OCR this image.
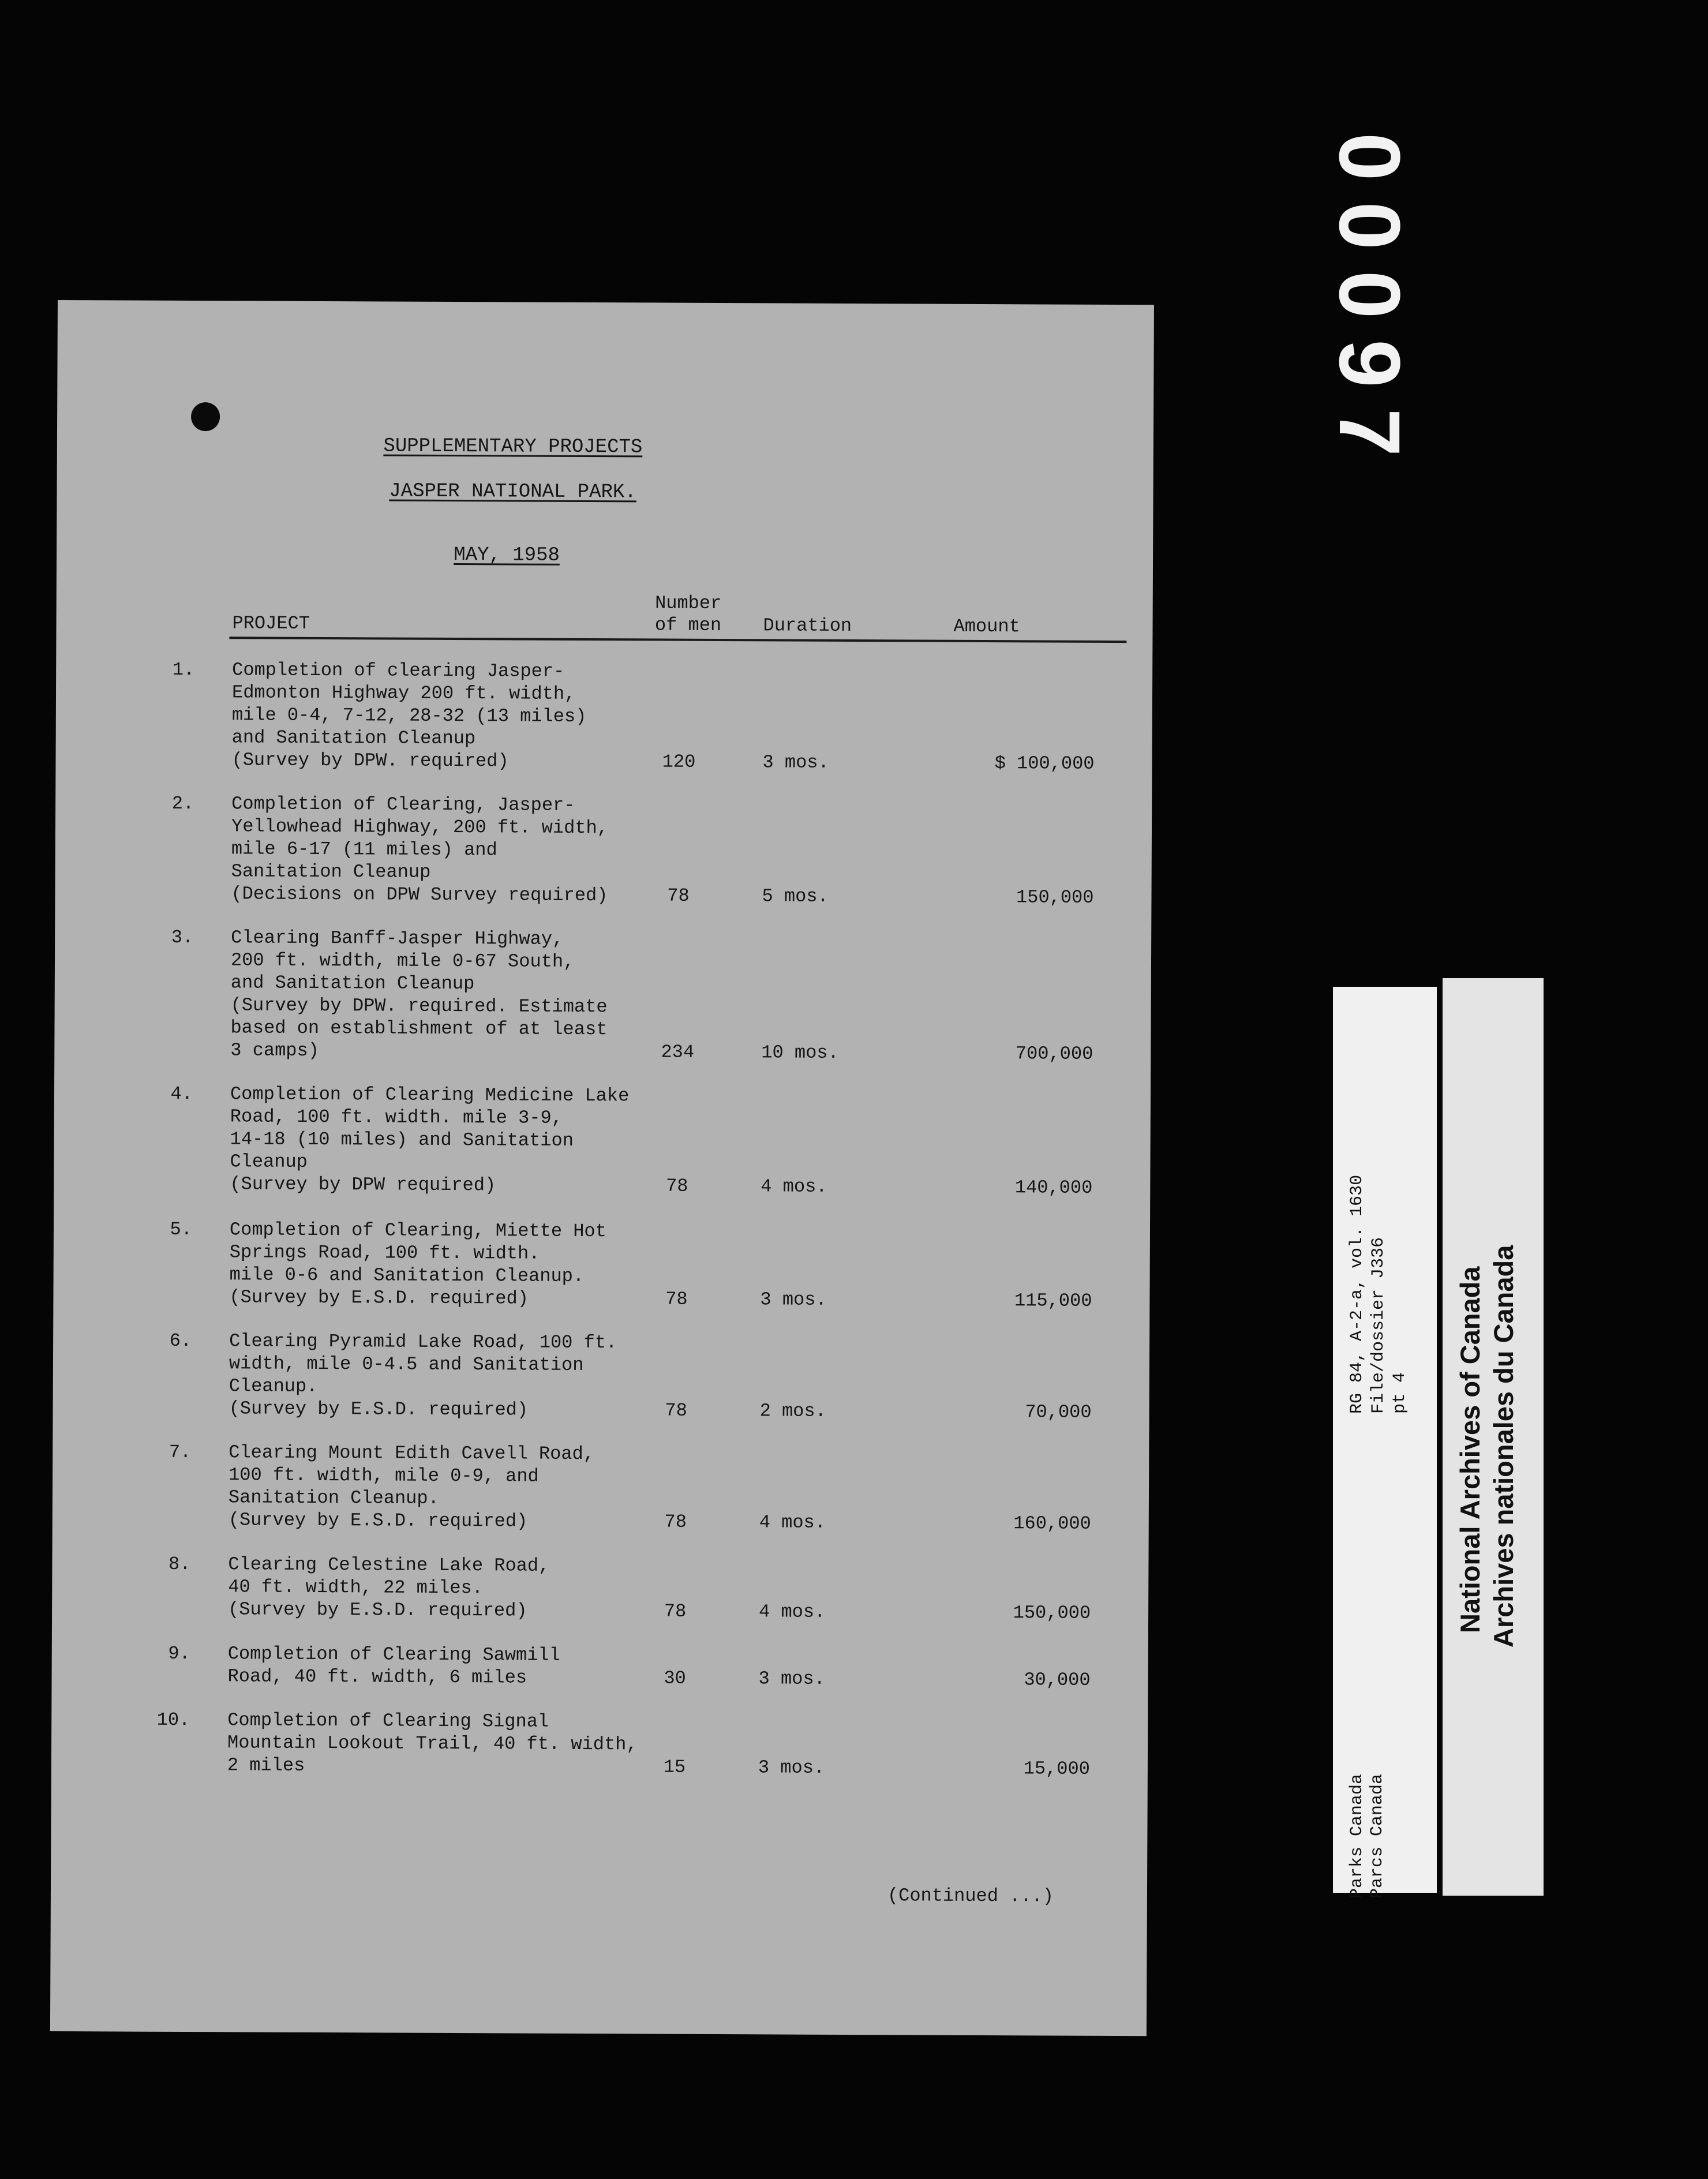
SUPPLEMENTARY PROJECTS
JASPER NATIONAL PARK.
MAY, 1958
PROJECT
Number
of men	Duration	Amount
1. Completion of clearing Jasper-
Edmonton Highway 200 ft. width,
mile 0-4, 7-12, 28-32 (13 miles)
and Sanitation Cleanup
(Survey by DPW. required)	120	3 mos.	$ 100,000
2. Completion of Clearing, Jasper-
Yellowhead Highway, 200 ft. width,
mile 6-17 (11 miles) and
Sanitation Cleanup
(Decisions on DPW Survey required)	78	5 mos.	150,000
3. Clearing Banff-Jasper Highway,
200 ft. width, mile 0-67 South,
and Sanitation Cleanup
(Survey by DPW. required. Estimate
based on establishment of at least
3 camps)	234	10 mos.	700,000
4. Completion of Clearing Medicine Lake
Road, 100 ft. width. mile 3-9,
14-18 (10 miles) and Sanitation
Cleanup
(Survey by DPW required)	78	4 mos.	140,000
5. Completion of Clearing, Miette Hot
Springs Road, 100 ft. width.
mile 0-6 and Sanitation Cleanup.
(Survey by E.S.D. required)	78	3 mos.	115,000
6. Clearing Pyramid Lake Road, 100 ft.
width, mile 0-4.5 and Sanitation
Cleanup.
(Survey by E.S.D. required)	78	2 mos.	70,000
7. Clearing Mount Edith Cavell Road,
100 ft. width, mile 0-9, and
Sanitation Cleanup.
(Survey by E.S.D. required)	78	4 mos.	160,000
8. Clearing Celestine Lake Road,
40 ft. width, 22 miles.
(Survey by E.S.D. required)	78	4 mos.	150,000
9. Completion of Clearing Sawmill
Road, 40 ft. width, 6 miles	30	3 mos.	30,000
10. Completion of Clearing Signal
Mountain Lookout Trail, 40 ft. width,
2 miles	15	3 mos.	15,000
(Continued ...)
00097
RG 84, A-2-a, vol. 1630 File/dossier J336 pt 4
Parks Canada Parcs Canada
National Archives of Canada Archives nationales du Canada
